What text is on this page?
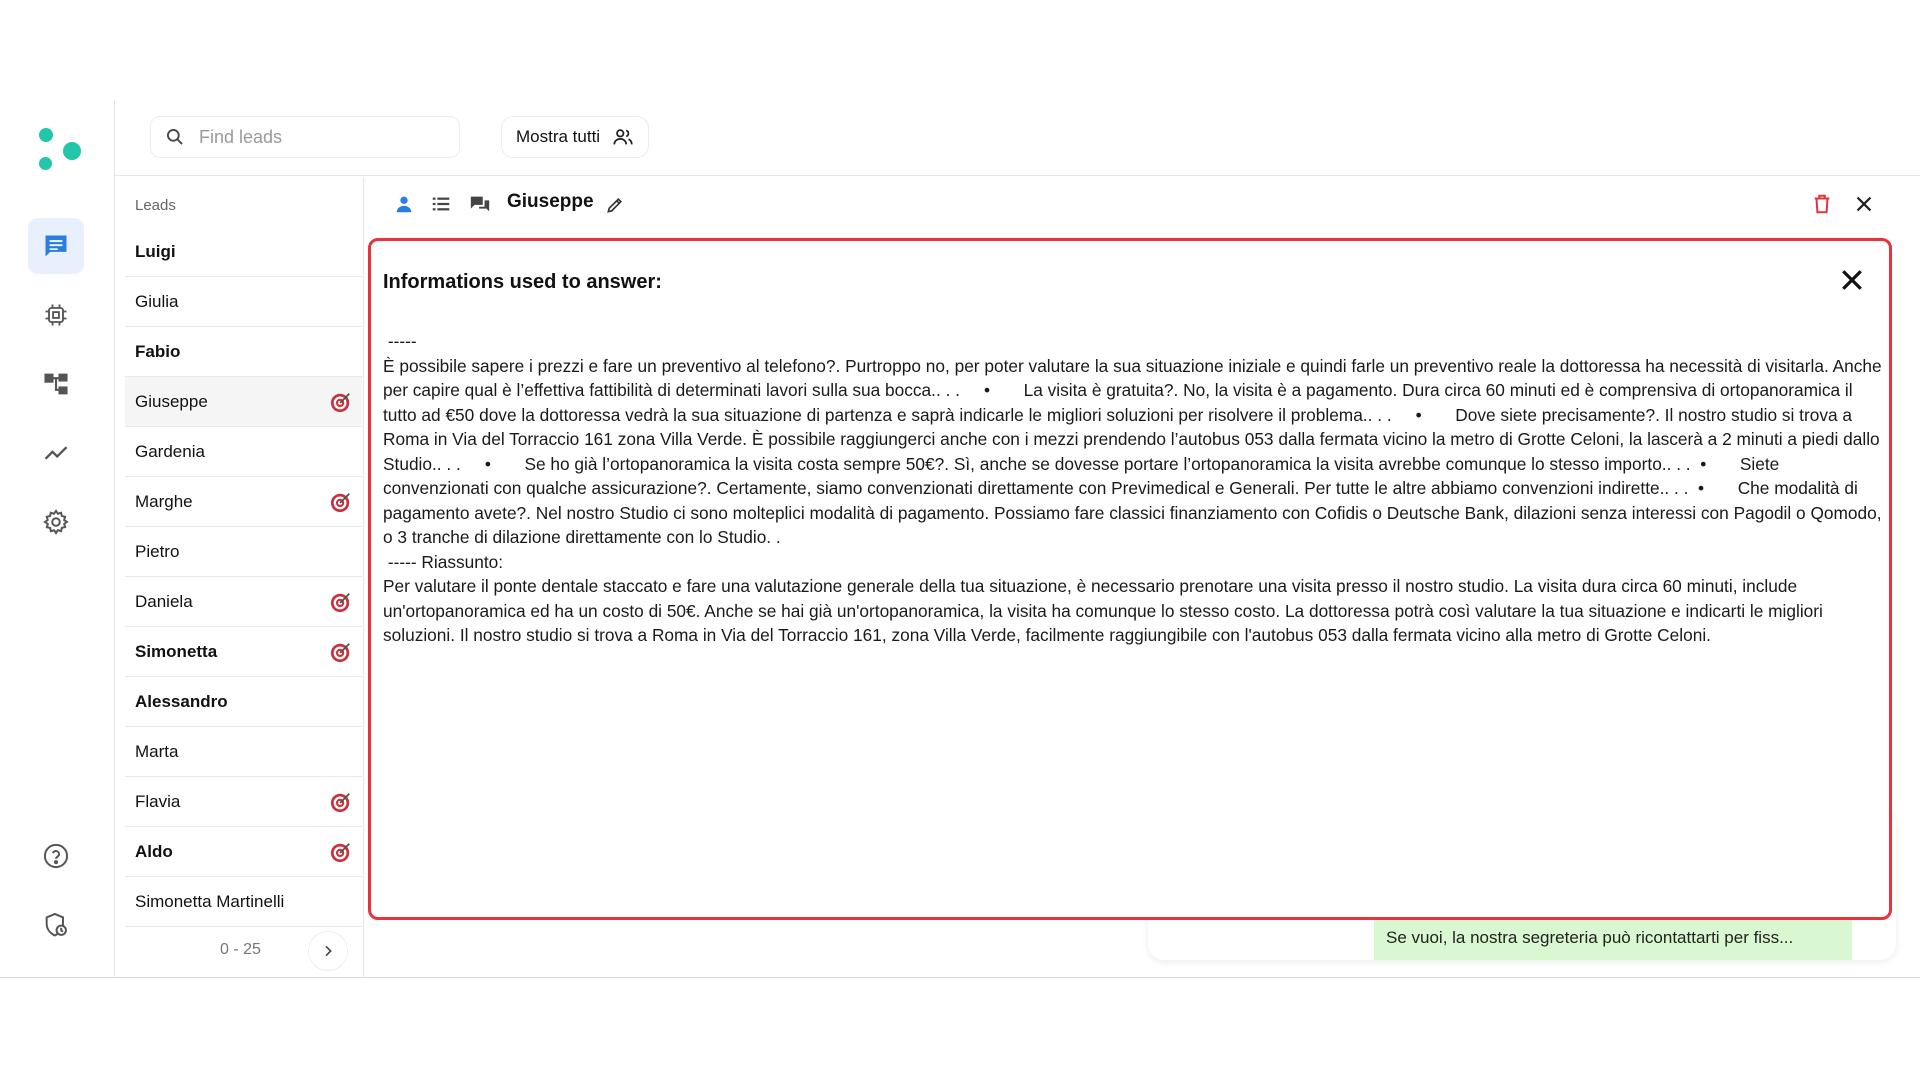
Find leads
Mostra tutti
Leads
Luigi
Giulia
Fabio
Giuseppe
Gardenia
Marghe
Pietro
Daniela
Simonetta
Alessandro
Marta
Flavia
Aldo
Simonetta Martinelli
0 - 25
Giuseppe
Se vuoi, la nostra segreteria può ricontattarti per fiss...
Informations used to answer:
-----
È possibile sapere i prezzi e fare un preventivo al telefono?. Purtroppo no, per poter valutare la sua situazione iniziale e quindi farle un preventivo reale la dottoressa ha necessità di visitarla. Anche per capire qual è l’effettiva fattibilità di determinati lavori sulla sua bocca.. . .     •       La visita è gratuita?. No, la visita è a pagamento. Dura circa 60 minuti ed è comprensiva di ortopanoramica il tutto ad €50 dove la dottoressa vedrà la sua situazione di partenza e saprà indicarle le migliori soluzioni per risolvere il problema.. . .     •       Dove siete precisamente?. Il nostro studio si trova a Roma in Via del Torraccio 161 zona Villa Verde. È possibile raggiungerci anche con i mezzi prendendo l’autobus 053 dalla fermata vicino la metro di Grotte Celoni, la lascerà a 2 minuti a piedi dallo Studio.. . .     •       Se ho già l’ortopanoramica la visita costa sempre 50€?. Sì, anche se dovesse portare l’ortopanoramica la visita avrebbe comunque lo stesso importo.. . .  •       Siete convenzionati con qualche assicurazione?. Certamente, siamo convenzionati direttamente con Previmedical e Generali. Per tutte le altre abbiamo convenzioni indirette.. . .  •       Che modalità di pagamento avete?. Nel nostro Studio ci sono molteplici modalità di pagamento. Possiamo fare classici finanziamento con Cofidis o Deutsche Bank, dilazioni senza interessi con Pagodil o Qomodo, o 3 tranche di dilazione direttamente con lo Studio. .
----- Riassunto:
Per valutare il ponte dentale staccato e fare una valutazione generale della tua situazione, è necessario prenotare una visita presso il nostro studio. La visita dura circa 60 minuti, include un'ortopanoramica ed ha un costo di 50€. Anche se hai già un'ortopanoramica, la visita ha comunque lo stesso costo. La dottoressa potrà così valutare la tua situazione e indicarti le migliori soluzioni. Il nostro studio si trova a Roma in Via del Torraccio 161, zona Villa Verde, facilmente raggiungibile con l'autobus 053 dalla fermata vicino alla metro di Grotte Celoni.
